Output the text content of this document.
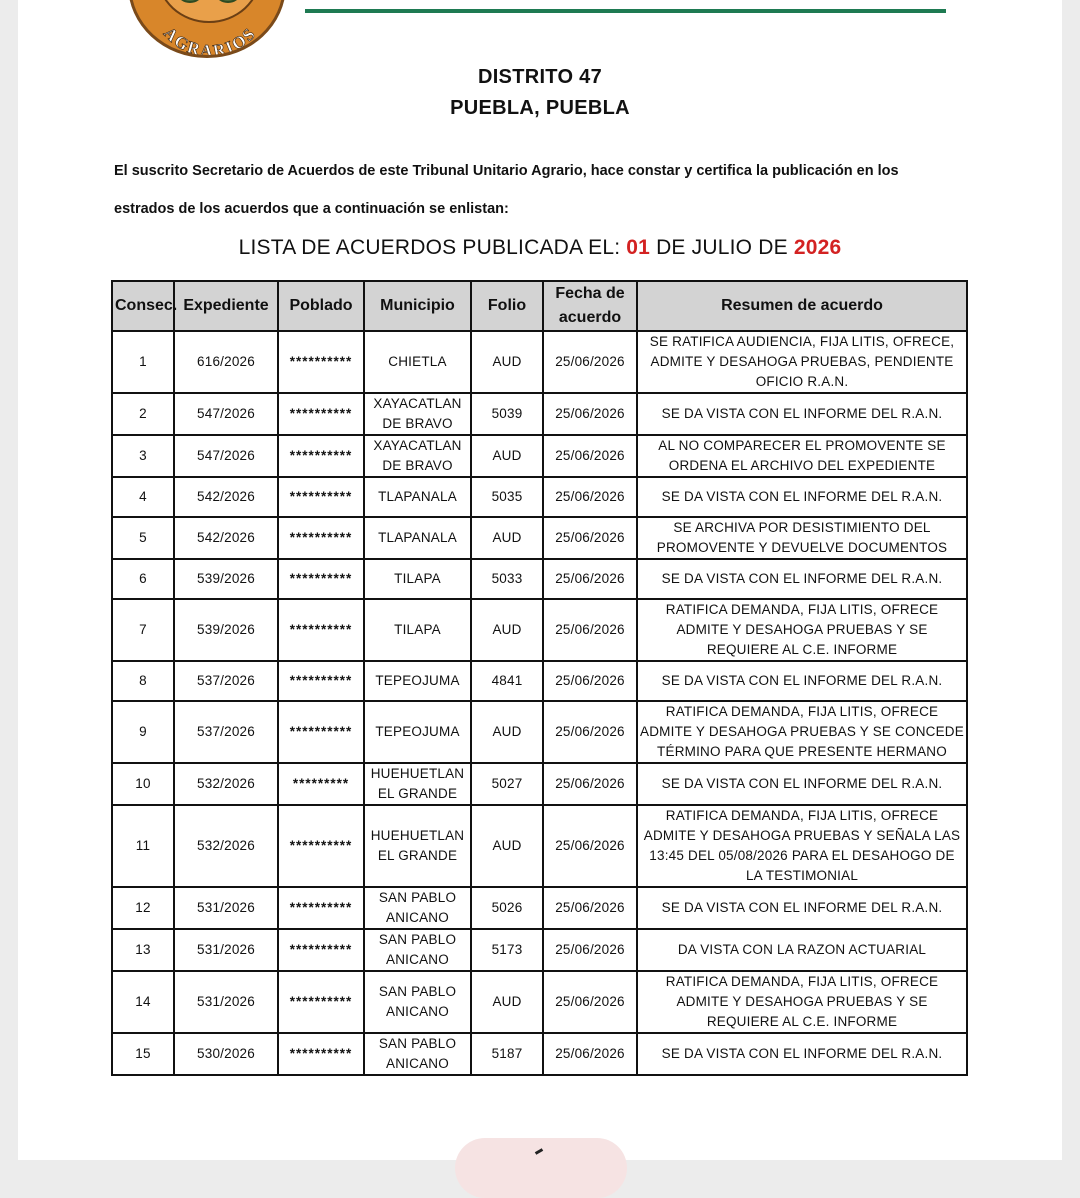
AGRARIOS
DISTRITO 47
PUEBLA, PUEBLA
El suscrito Secretario de Acuerdos de este Tribunal Unitario Agrario, hace constar y certifica la publicación en los
estrados de los acuerdos que a continuación se enlistan:
LISTA DE ACUERDOS PUBLICADA EL: 01 DE JULIO DE 2026
Consec.	Expediente	Poblado	Municipio	Folio	Fecha de acuerdo	Resumen de acuerdo
1	616/2026	**********	CHIETLA	AUD	25/06/2026	SE RATIFICA AUDIENCIA, FIJA LITIS, OFRECE, ADMITE Y DESAHOGA PRUEBAS, PENDIENTE OFICIO R.A.N.
2	547/2026	**********	XAYACATLAN DE BRAVO	5039	25/06/2026	SE DA VISTA CON EL INFORME DEL R.A.N.
3	547/2026	**********	XAYACATLAN DE BRAVO	AUD	25/06/2026	AL NO COMPARECER EL PROMOVENTE SE ORDENA EL ARCHIVO DEL EXPEDIENTE
4	542/2026	**********	TLAPANALA	5035	25/06/2026	SE DA VISTA CON EL INFORME DEL R.A.N.
5	542/2026	**********	TLAPANALA	AUD	25/06/2026	SE ARCHIVA POR DESISTIMIENTO DEL PROMOVENTE Y DEVUELVE DOCUMENTOS
6	539/2026	**********	TILAPA	5033	25/06/2026	SE DA VISTA CON EL INFORME DEL R.A.N.
7	539/2026	**********	TILAPA	AUD	25/06/2026	RATIFICA DEMANDA, FIJA LITIS, OFRECE ADMITE Y DESAHOGA PRUEBAS Y SE REQUIERE AL C.E. INFORME
8	537/2026	**********	TEPEOJUMA	4841	25/06/2026	SE DA VISTA CON EL INFORME DEL R.A.N.
9	537/2026	**********	TEPEOJUMA	AUD	25/06/2026	RATIFICA DEMANDA, FIJA LITIS, OFRECE ADMITE Y DESAHOGA PRUEBAS Y SE CONCEDE TÉRMINO PARA QUE PRESENTE HERMANO
10	532/2026	*********	HUEHUETLAN EL GRANDE	5027	25/06/2026	SE DA VISTA CON EL INFORME DEL R.A.N.
11	532/2026	**********	HUEHUETLAN EL GRANDE	AUD	25/06/2026	RATIFICA DEMANDA, FIJA LITIS, OFRECE ADMITE Y DESAHOGA PRUEBAS Y SEÑALA LAS 13:45 DEL 05/08/2026 PARA EL DESAHOGO DE LA TESTIMONIAL
12	531/2026	**********	SAN PABLO ANICANO	5026	25/06/2026	SE DA VISTA CON EL INFORME DEL R.A.N.
13	531/2026	**********	SAN PABLO ANICANO	5173	25/06/2026	DA VISTA CON LA RAZON ACTUARIAL
14	531/2026	**********	SAN PABLO ANICANO	AUD	25/06/2026	RATIFICA DEMANDA, FIJA LITIS, OFRECE ADMITE Y DESAHOGA PRUEBAS Y SE REQUIERE AL C.E. INFORME
15	530/2026	**********	SAN PABLO ANICANO	5187	25/06/2026	SE DA VISTA CON EL INFORME DEL R.A.N.
